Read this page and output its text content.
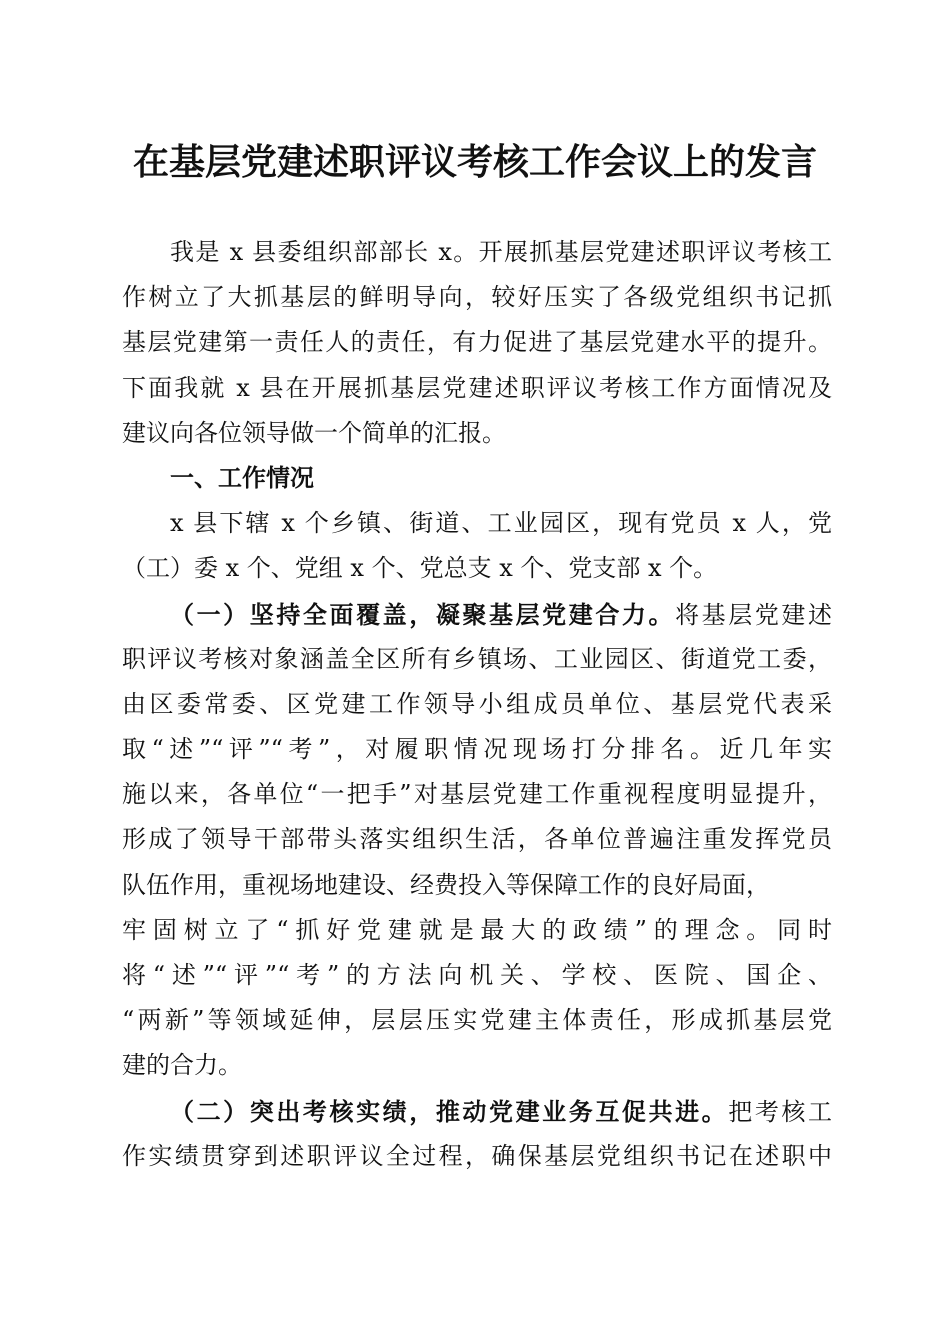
在基层党建述职评议考核工作会议上的发言
我是 x 县委组织部部长 x。开展抓基层党建述职评议考核工
作树立了大抓基层的鲜明导向，较好压实了各级党组织书记抓
基层党建第一责任人的责任，有力促进了基层党建水平的提升。
下面我就 x 县在开展抓基层党建述职评议考核工作方面情况及
建议向各位领导做一个简单的汇报。
一、工作情况
x 县下辖 x 个乡镇、街道、工业园区，现有党员 x 人，党
（工）委 x 个、党组 x 个、党总支 x 个、党支部 x 个。
（一）坚持全面覆盖，凝聚基层党建合力。将基层党建述
职评议考核对象涵盖全区所有乡镇场、工业园区、街道党工委，
由区委常委、区党建工作领导小组成员单位、基层党代表采
取“述”“评”“考”，对履职情况现场打分排名。近几年实
施以来，各单位“一把手”对基层党建工作重视程度明显提升，
形成了领导干部带头落实组织生活，各单位普遍注重发挥党员
队伍作用，重视场地建设、经费投入等保障工作的良好局面，
牢固树立了“抓好党建就是最大的政绩”的理念。同时
将“述”“评”“考”的方法向机关、学校、医院、国企、
“两新”等领域延伸，层层压实党建主体责任，形成抓基层党
建的合力。
（二）突出考核实绩，推动党建业务互促共进。把考核工
作实绩贯穿到述职评议全过程，确保基层党组织书记在述职中
